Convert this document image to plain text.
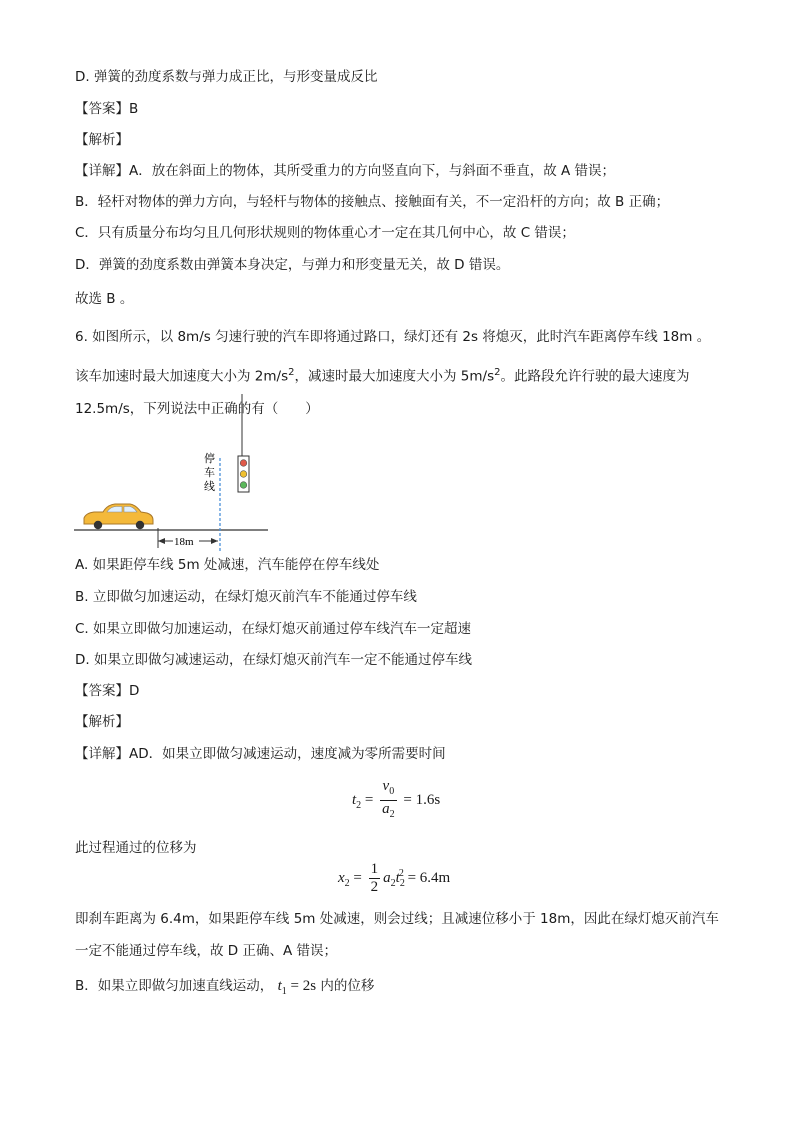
D. 弹簧的劲度系数与弹力成正比，与形变量成反比
【答案】B
【解析】
【详解】A．放在斜面上的物体，其所受重力的方向竖直向下，与斜面不垂直，故 A 错误；
B．轻杆对物体的弹力方向，与轻杆与物体的接触点、接触面有关，不一定沿杆的方向；故 B 正确；
C．只有质量分布均匀且几何形状规则的物体重心才一定在其几何中心，故 C 错误；
D．弹簧的劲度系数由弹簧本身决定，与弹力和形变量无关，故 D 错误。
故选 B 。
6. 如图所示，以 8m/s 匀速行驶的汽车即将通过路口，绿灯还有 2s 将熄灭，此时汽车距离停车线 18m 。
该车加速时最大加速度大小为 $2m/s^2$，减速时最大加速度大小为 $5m/s^2$。此路段允许行驶的最大速度为
12.5m/s，下列说法中正确的有（　　）
停 车 线
18m
A. 如果距停车线 5m 处减速，汽车能停在停车线处
B. 立即做匀加速运动，在绿灯熄灭前汽车不能通过停车线
C. 如果立即做匀加速运动，在绿灯熄灭前通过停车线汽车一定超速
D. 如果立即做匀减速运动，在绿灯熄灭前汽车一定不能通过停车线
【答案】D
【解析】
【详解】AD．如果立即做匀减速运动，速度减为零所需要时间
$t_2 = \frac{v_0}{a_2} = 1.6s$
此过程通过的位移为
$x_2 = \frac{1}{2} a_2t_2^2 = 6.4m$
即刹车距离为 6.4m，如果距停车线 5m 处减速，则会过线；且减速位移小于 18m，因此在绿灯熄灭前汽车
一定不能通过停车线，故 D 正确、A 错误；
B．如果立即做匀加速直线运动， $t_1 = 2s$ 内的位移
